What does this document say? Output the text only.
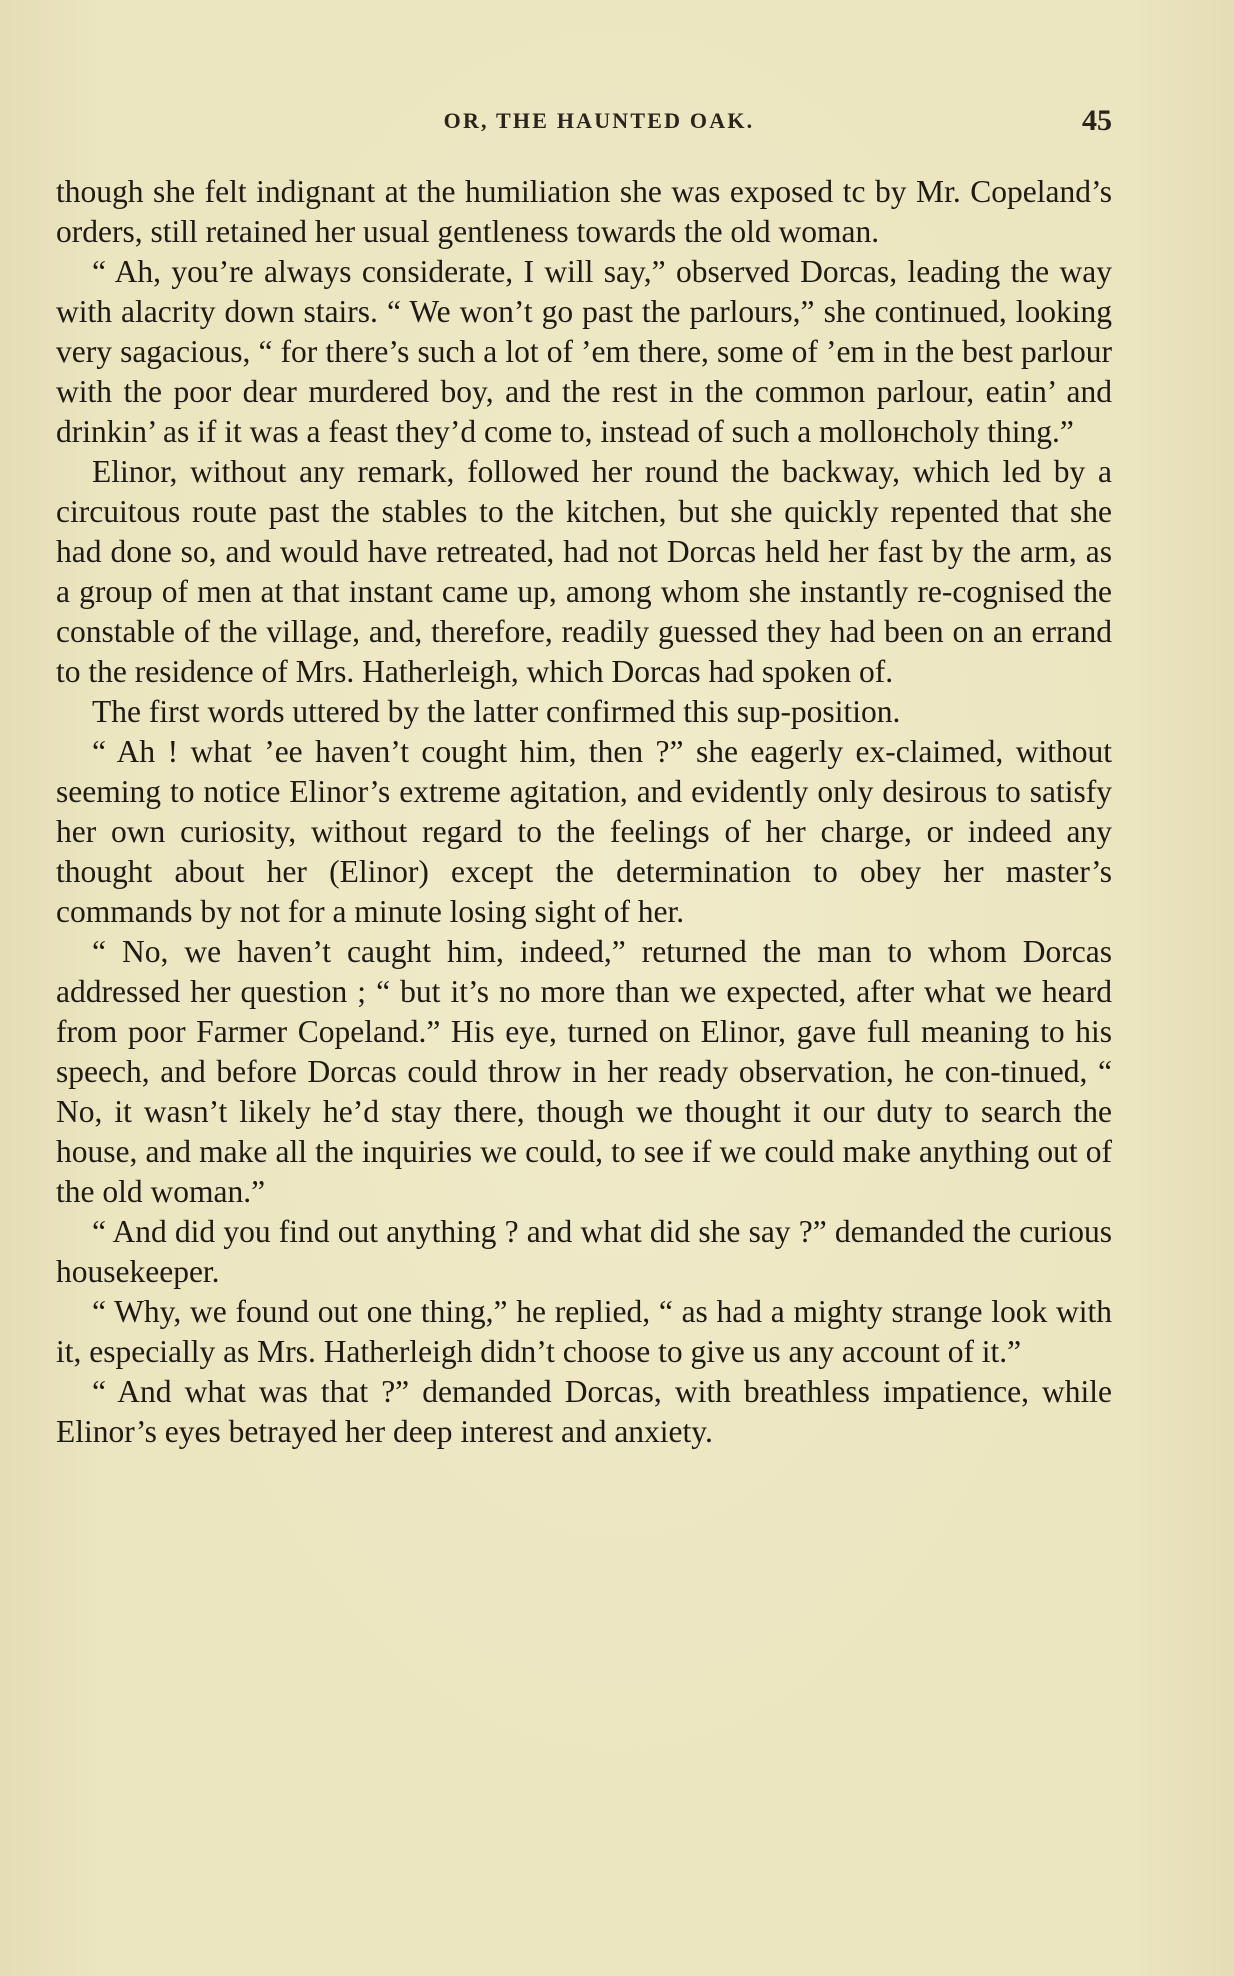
OR, THE HAUNTED OAK.	45

though she felt indignant at the humiliation she was exposed tc by Mr. Copeland’s orders, still retained her usual gentleness towards the old woman.

“ Ah, you’re always considerate, I will say,” observed Dorcas, leading the way with alacrity down stairs. “ We won’t go past the parlours,” she continued, looking very sagacious, “ for there’s such a lot of ’em there, some of ’em in the best parlour with the poor dear murdered boy, and the rest in the common parlour, eatin’ and drinkin’ as if it was a feast they’d come to, instead of such a mollонcholy thing.”

Elinor, without any remark, followed her round the backway, which led by a circuitous route past the stables to the kitchen, but she quickly repented that she had done so, and would have retreated, had not Dorcas held her fast by the arm, as a group of men at that instant came up, among whom she instantly re-cognised the constable of the village, and, therefore, readily guessed they had been on an errand to the residence of Mrs. Hatherleigh, which Dorcas had spoken of.

The first words uttered by the latter confirmed this sup-position.

“ Ah ! what ’ee haven’t cought him, then ?” she eagerly ex-claimed, without seeming to notice Elinor’s extreme agitation, and evidently only desirous to satisfy her own curiosity, without regard to the feelings of her charge, or indeed any thought about her (Elinor) except the determination to obey her master’s commands by not for a minute losing sight of her.

“ No, we haven’t caught him, indeed,” returned the man to whom Dorcas addressed her question ; “ but it’s no more than we expected, after what we heard from poor Farmer Copeland.” His eye, turned on Elinor, gave full meaning to his speech, and before Dorcas could throw in her ready observation, he con-tinued, “ No, it wasn’t likely he’d stay there, though we thought it our duty to search the house, and make all the inquiries we could, to see if we could make anything out of the old woman.”

“ And did you find out anything ? and what did she say ?” demanded the curious housekeeper.

“ Why, we found out one thing,” he replied, “ as had a mighty strange look with it, especially as Mrs. Hatherleigh didn’t choose to give us any account of it.”

“ And what was that ?” demanded Dorcas, with breathless impatience, while Elinor’s eyes betrayed her deep interest and anxiety.
